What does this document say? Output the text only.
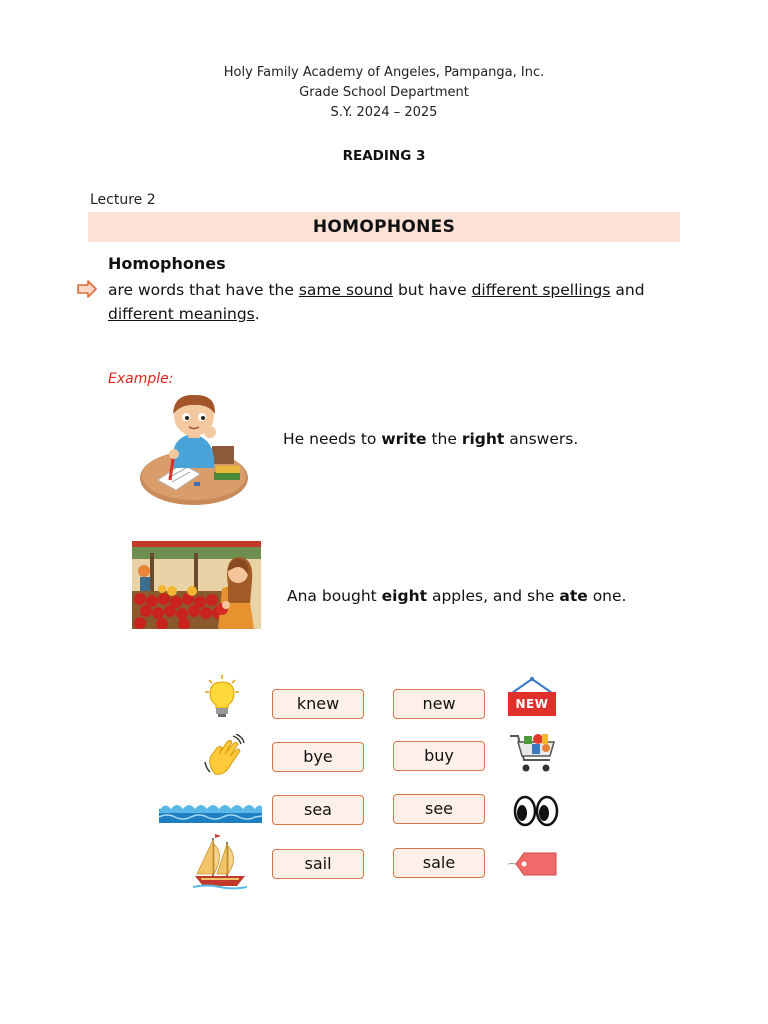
Holy Family Academy of Angeles, Pampanga, Inc.
Grade School Department
S.Y. 2024 – 2025
READING 3
Lecture 2
HOMOPHONES
Homophones
are words that have the same sound but have different spellings and
different meanings.
Example:
He needs to write the right answers.
Ana bought eight apples, and she ate one.
knew	new	NEW
bye	buy
sea	see
sail	sale
